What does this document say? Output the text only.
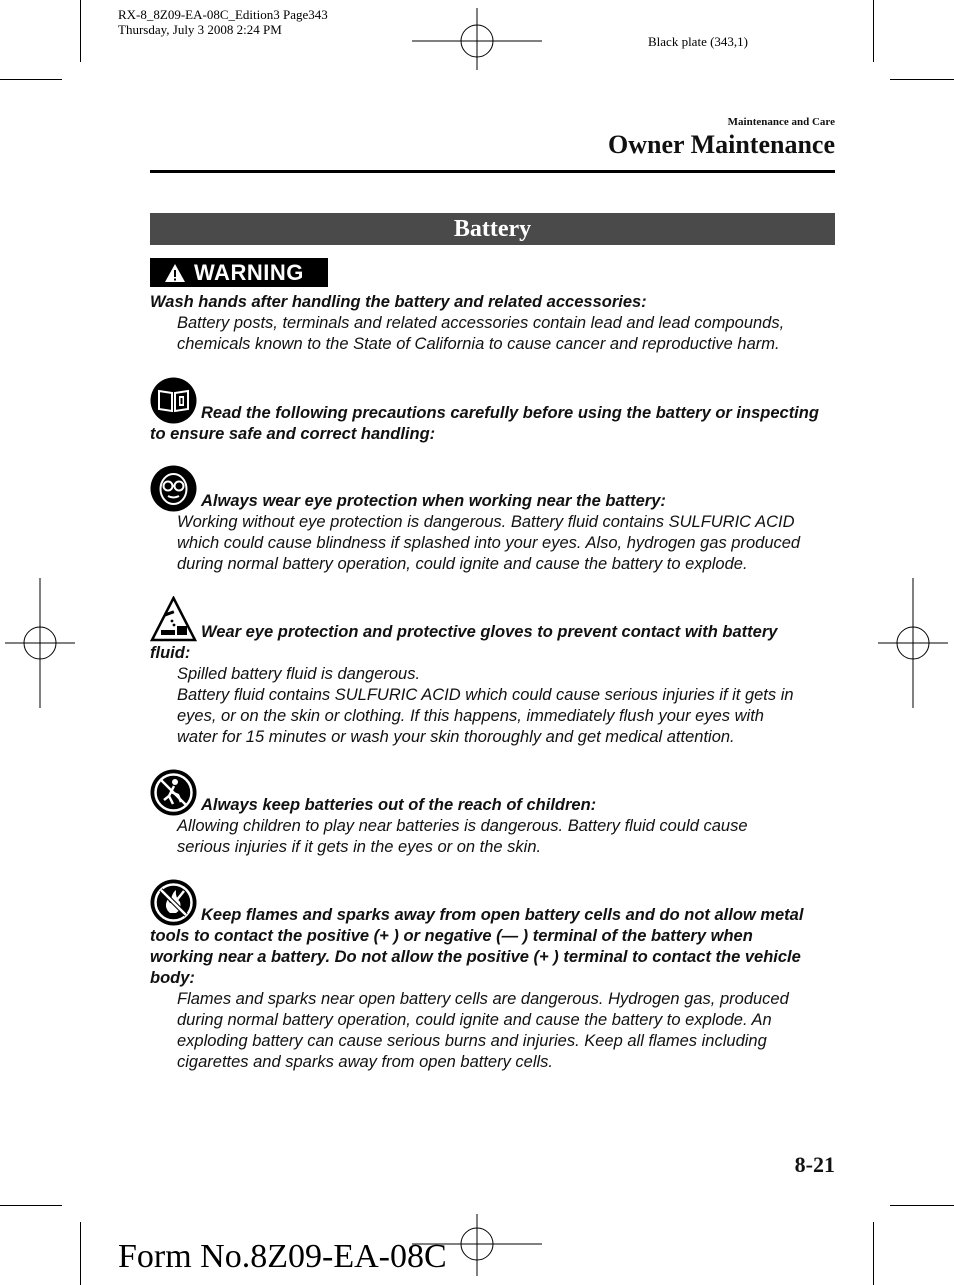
RX-8_8Z09-EA-08C_Edition3 Page343
Thursday, July 3 2008 2:24 PM
Black plate (343,1)
Maintenance and Care
Owner Maintenance
Battery
WARNING

Wash hands after handling the battery and related accessories:

Battery posts, terminals and related accessories contain lead and lead compounds,

chemicals known to the State of California to cause cancer and reproductive harm.

Read the following precautions carefully before using the battery or inspecting

to ensure safe and correct handling:

Always wear eye protection when working near the battery:

Working without eye protection is dangerous. Battery fluid contains SULFURIC ACID

which could cause blindness if splashed into your eyes. Also, hydrogen gas produced

during normal battery operation, could ignite and cause the battery to explode.

Wear eye protection and protective gloves to prevent contact with battery

fluid:

Spilled battery fluid is dangerous.

Battery fluid contains SULFURIC ACID which could cause serious injuries if it gets in

eyes, or on the skin or clothing. If this happens, immediately flush your eyes with

water for 15 minutes or wash your skin thoroughly and get medical attention.

Always keep batteries out of the reach of children:

Allowing children to play near batteries is dangerous. Battery fluid could cause

serious injuries if it gets in the eyes or on the skin.

Keep flames and sparks away from open battery cells and do not allow metal

tools to contact the positive (+ ) or negative (— ) terminal of the battery when

working near a battery. Do not allow the positive (+ ) terminal to contact the vehicle

body:

Flames and sparks near open battery cells are dangerous. Hydrogen gas, produced

during normal battery operation, could ignite and cause the battery to explode. An

exploding battery can cause serious burns and injuries. Keep all flames including

cigarettes and sparks away from open battery cells.

8-21
Form No.8Z09-EA-08C
